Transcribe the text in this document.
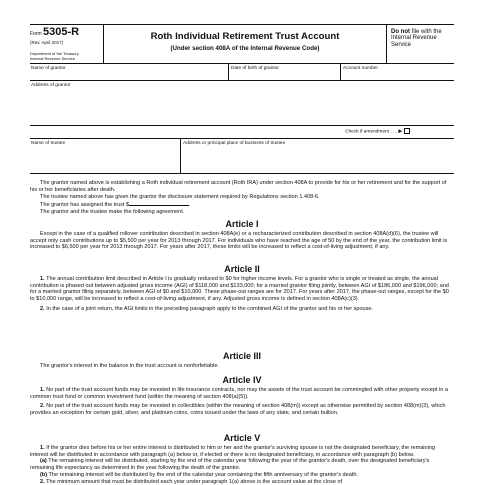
Form 5305-R
(Rev. April 2017)
Department of the Treasury
Internal Revenue Service
Roth Individual Retirement Trust Account
(Under section 408A of the Internal Revenue Code)
Do not file with the Internal Revenue Service
Name of grantor	Date of birth of grantor	Account number
Address of grantor
Check if amendment . . . ▶
Name of trustee	Address or principal place of business of trustee
The grantor named above is establishing a Roth individual retirement account (Roth IRA) under section 408A to provide for his or her retirement and for the support of his or her beneficiaries after death.
The trustee named above has given the grantor the disclosure statement required by Regulations section 1.408-6.
The grantor has assigned the trust $	.
The grantor and the trustee make the following agreement.
Article I
Except in the case of a qualified rollover contribution described in section 408A(e) or a recharacterized contribution described in section 408A(d)(6), the trustee will accept only cash contributions up to $5,500 per year for 2013 through 2017. For individuals who have reached the age of 50 by the end of the year, the contribution limit is increased to $6,500 per year for 2013 through 2017. For years after 2017, these limits will be increased to reflect a cost-of-living adjustment, if any.
Article II
1. The annual contribution limit described in Article I is gradually reduced to $0 for higher income levels. For a grantor who is single or treated as single, the annual contribution is phased out between adjusted gross income (AGI) of $118,000 and $133,000; for a married grantor filing jointly, between AGI of $186,000 and $196,000; and for a married grantor filing separately, between AGI of $0 and $10,000. These phase-out ranges are for 2017. For years after 2017, the phase-out ranges, except for the $0 to $10,000 range, will be increased to reflect a cost-of-living adjustment, if any. Adjusted gross income is defined in section 408A(c)(3).
2. In the case of a joint return, the AGI limits in the preceding paragraph apply to the combined AGI of the grantor and his or her spouse.
Article III
The grantor's interest in the balance in the trust account is nonforfeitable.
Article IV
1. No part of the trust account funds may be invested in life insurance contracts, nor may the assets of the trust account be commingled with other property except in a common trust fund or common investment fund (within the meaning of section 408(a)(5)).
2. No part of the trust account funds may be invested in collectibles (within the meaning of section 408(m)) except as otherwise permitted by section 408(m)(3), which provides an exception for certain gold, silver, and platinum coins, coins issued under the laws of any state, and certain bullion.
Article V
1. If the grantor dies before his or her entire interest is distributed to him or her and the grantor's surviving spouse is not the designated beneficiary, the remaining interest will be distributed in accordance with paragraph (a) below or, if elected or there is no designated beneficiary, in accordance with paragraph (b) below.
(a) The remaining interest will be distributed, starting by the end of the calendar year following the year of the grantor's death, over the designated beneficiary's remaining life expectancy as determined in the year following the death of the grantor.
(b) The remaining interest will be distributed by the end of the calendar year containing the fifth anniversary of the grantor's death.
2. The minimum amount that must be distributed each year under paragraph 1(a) above is the account value at the close of
